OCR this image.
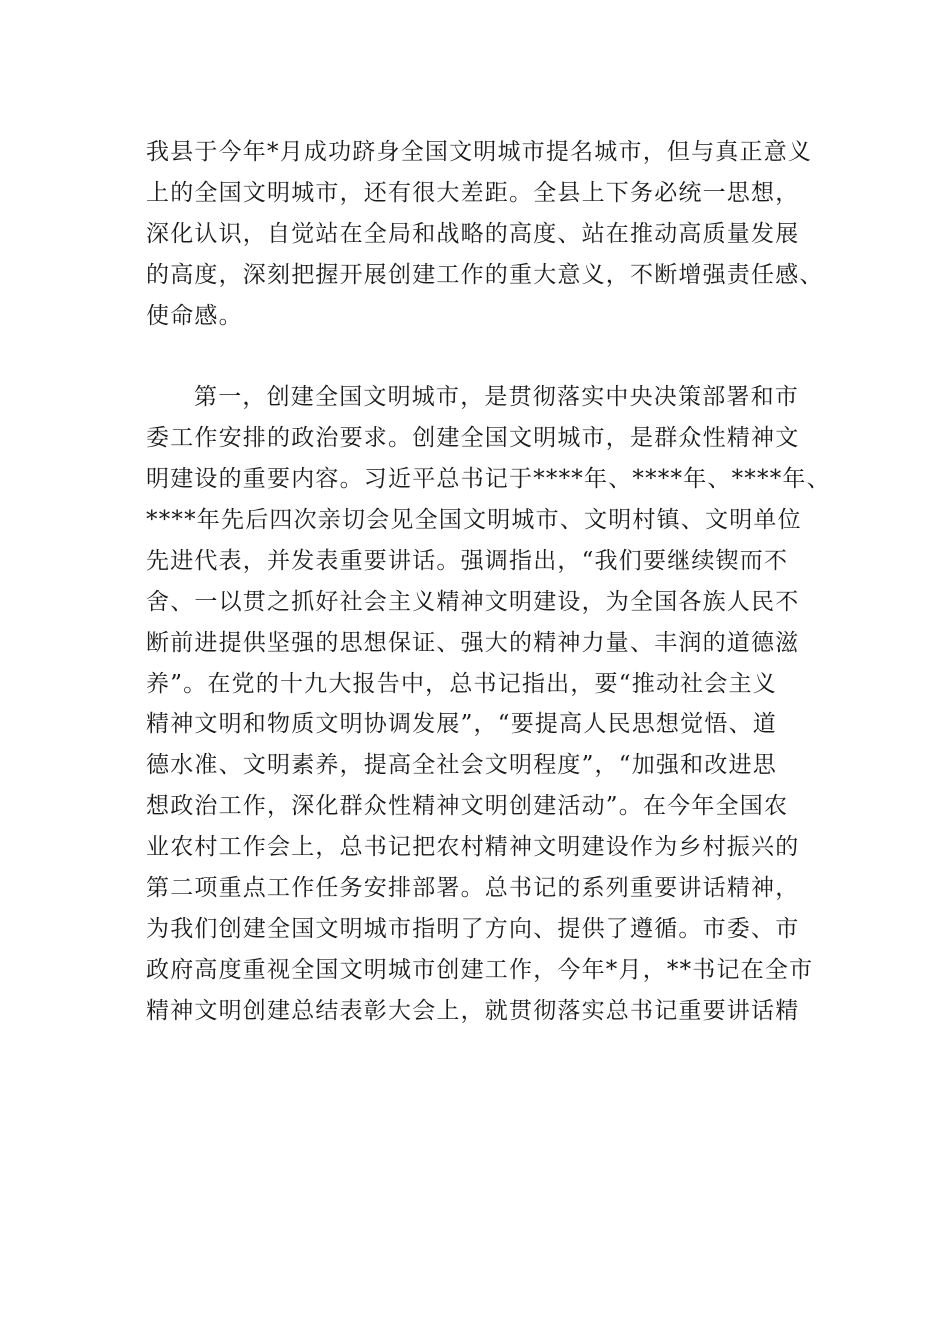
我县于今年*月成功跻身全国文明城市提名城市，但与真正意义
上的全国文明城市，还有很大差距。全县上下务必统一思想，
深化认识，自觉站在全局和战略的高度、站在推动高质量发展
的高度，深刻把握开展创建工作的重大意义，不断增强责任感、
使命感。
第一，创建全国文明城市，是贯彻落实中央决策部署和市
委工作安排的政治要求。创建全国文明城市，是群众性精神文
明建设的重要内容。习近平总书记于****年、****年、****年、
****年先后四次亲切会见全国文明城市、文明村镇、文明单位
先进代表，并发表重要讲话。强调指出，“我们要继续锲而不
舍、一以贯之抓好社会主义精神文明建设，为全国各族人民不
断前进提供坚强的思想保证、强大的精神力量、丰润的道德滋
养”。在党的十九大报告中，总书记指出，要“推动社会主义
精神文明和物质文明协调发展”，“要提高人民思想觉悟、道
德水准、文明素养，提高全社会文明程度”，“加强和改进思
想政治工作，深化群众性精神文明创建活动”。在今年全国农
业农村工作会上，总书记把农村精神文明建设作为乡村振兴的
第二项重点工作任务安排部署。总书记的系列重要讲话精神，
为我们创建全国文明城市指明了方向、提供了遵循。市委、市
政府高度重视全国文明城市创建工作，今年*月，**书记在全市
精神文明创建总结表彰大会上，就贯彻落实总书记重要讲话精
